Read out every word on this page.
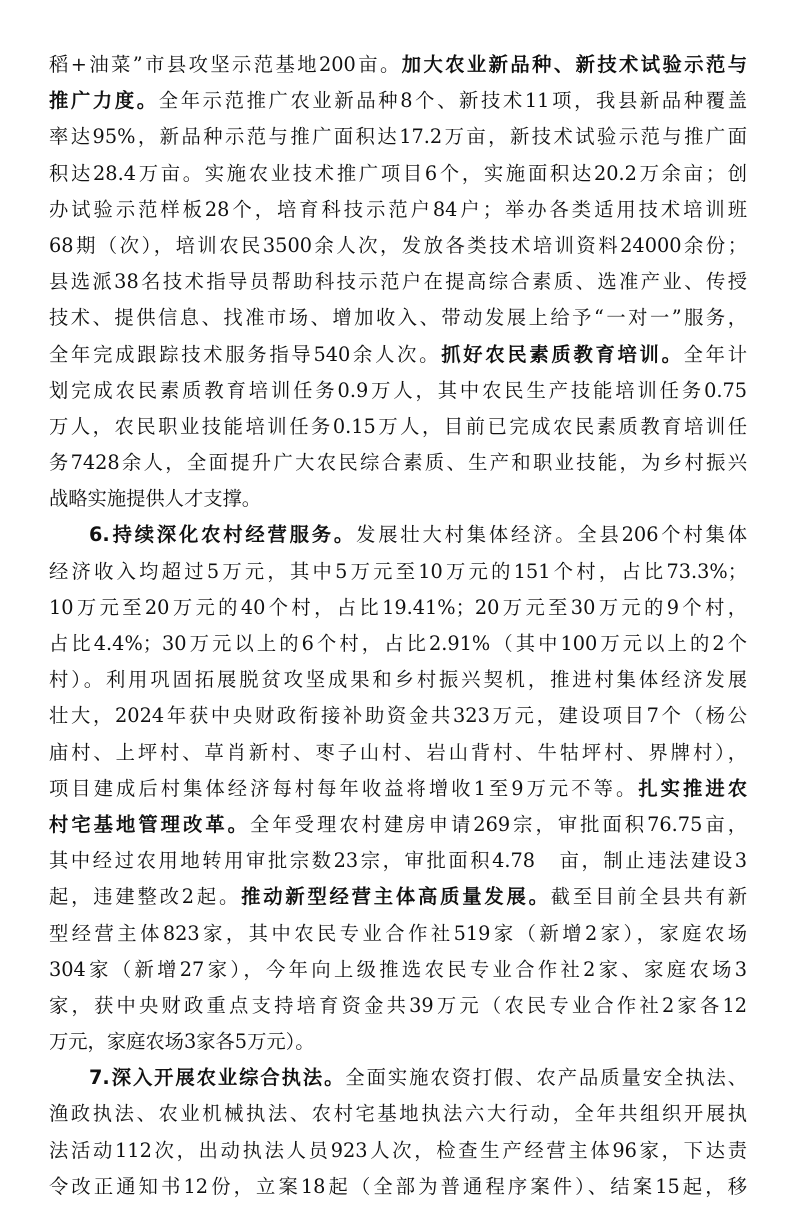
稻+油菜”市县攻坚示范基地200亩。加大农业新品种、新技术试验示范与
推广力度。全年示范推广农业新品种8个、新技术11项，我县新品种覆盖
率达95%，新品种示范与推广面积达17.2万亩，新技术试验示范与推广面
积达28.4万亩。实施农业技术推广项目6个，实施面积达20.2万余亩；创
办试验示范样板28个，培育科技示范户84户；举办各类适用技术培训班
68期（次），培训农民3500余人次，发放各类技术培训资料24000余份；
县选派38名技术指导员帮助科技示范户在提高综合素质、选准产业、传授
技术、提供信息、找准市场、增加收入、带动发展上给予“一对一”服务，
全年完成跟踪技术服务指导540余人次。抓好农民素质教育培训。全年计
划完成农民素质教育培训任务0.9万人，其中农民生产技能培训任务0.75
万人，农民职业技能培训任务0.15万人，目前已完成农民素质教育培训任
务7428余人，全面提升广大农民综合素质、生产和职业技能，为乡村振兴
战略实施提供人才支撑。
6.持续深化农村经营服务。发展壮大村集体经济。全县206个村集体
经济收入均超过5万元，其中5万元至10万元的151个村，占比73.3%；
10万元至20万元的40个村，占比19.41%；20万元至30万元的9个村，
占比4.4%；30万元以上的6个村，占比2.91%（其中100万元以上的2个
村）。利用巩固拓展脱贫攻坚成果和乡村振兴契机，推进村集体经济发展
壮大，2024年获中央财政衔接补助资金共323万元，建设项目7个（杨公
庙村、上坪村、草肖新村、枣子山村、岩山背村、牛牯坪村、界牌村），
项目建成后村集体经济每村每年收益将增收1至9万元不等。扎实推进农
村宅基地管理改革。全年受理农村建房申请269宗，审批面积76.75亩，
其中经过农用地转用审批宗数23宗，审批面积4.78　亩，制止违法建设3
起，违建整改2起。推动新型经营主体高质量发展。截至目前全县共有新
型经营主体823家，其中农民专业合作社519家（新增2家），家庭农场
304家（新增27家），今年向上级推选农民专业合作社2家、家庭农场3
家，获中央财政重点支持培育资金共39万元（农民专业合作社2家各12
万元，家庭农场3家各5万元）。
7.深入开展农业综合执法。全面实施农资打假、农产品质量安全执法、
渔政执法、农业机械执法、农村宅基地执法六大行动，全年共组织开展执
法活动112次，出动执法人员923人次，检查生产经营主体96家，下达责
令改正通知书12份，立案18起（全部为普通程序案件）、结案15起，移
